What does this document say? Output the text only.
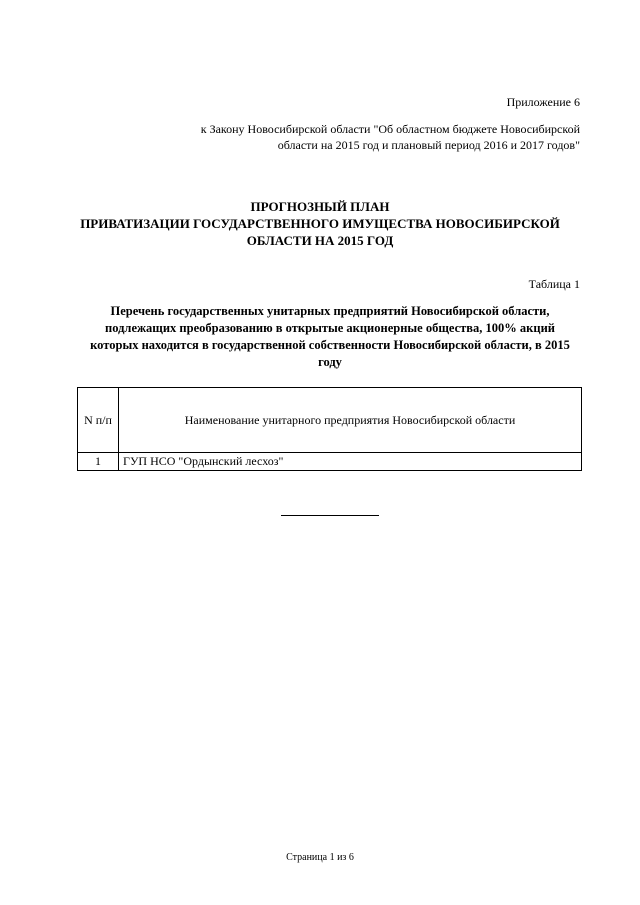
Приложение 6
к Закону Новосибирской области "Об областном бюджете Новосибирской
области на 2015 год и плановый период 2016 и 2017 годов"
ПРОГНОЗНЫЙ ПЛАН
ПРИВАТИЗАЦИИ ГОСУДАРСТВЕННОГО ИМУЩЕСТВА НОВОСИБИРСКОЙ
ОБЛАСТИ НА 2015 ГОД
Таблица 1
Перечень государственных унитарных предприятий Новосибирской области,
подлежащих преобразованию в открытые акционерные общества, 100% акций
которых находится в государственной собственности Новосибирской области, в 2015
году
N п/п	Наименование унитарного предприятия Новосибирской области
1	ГУП НСО "Ордынский лесхоз"
Страница 1 из 6
